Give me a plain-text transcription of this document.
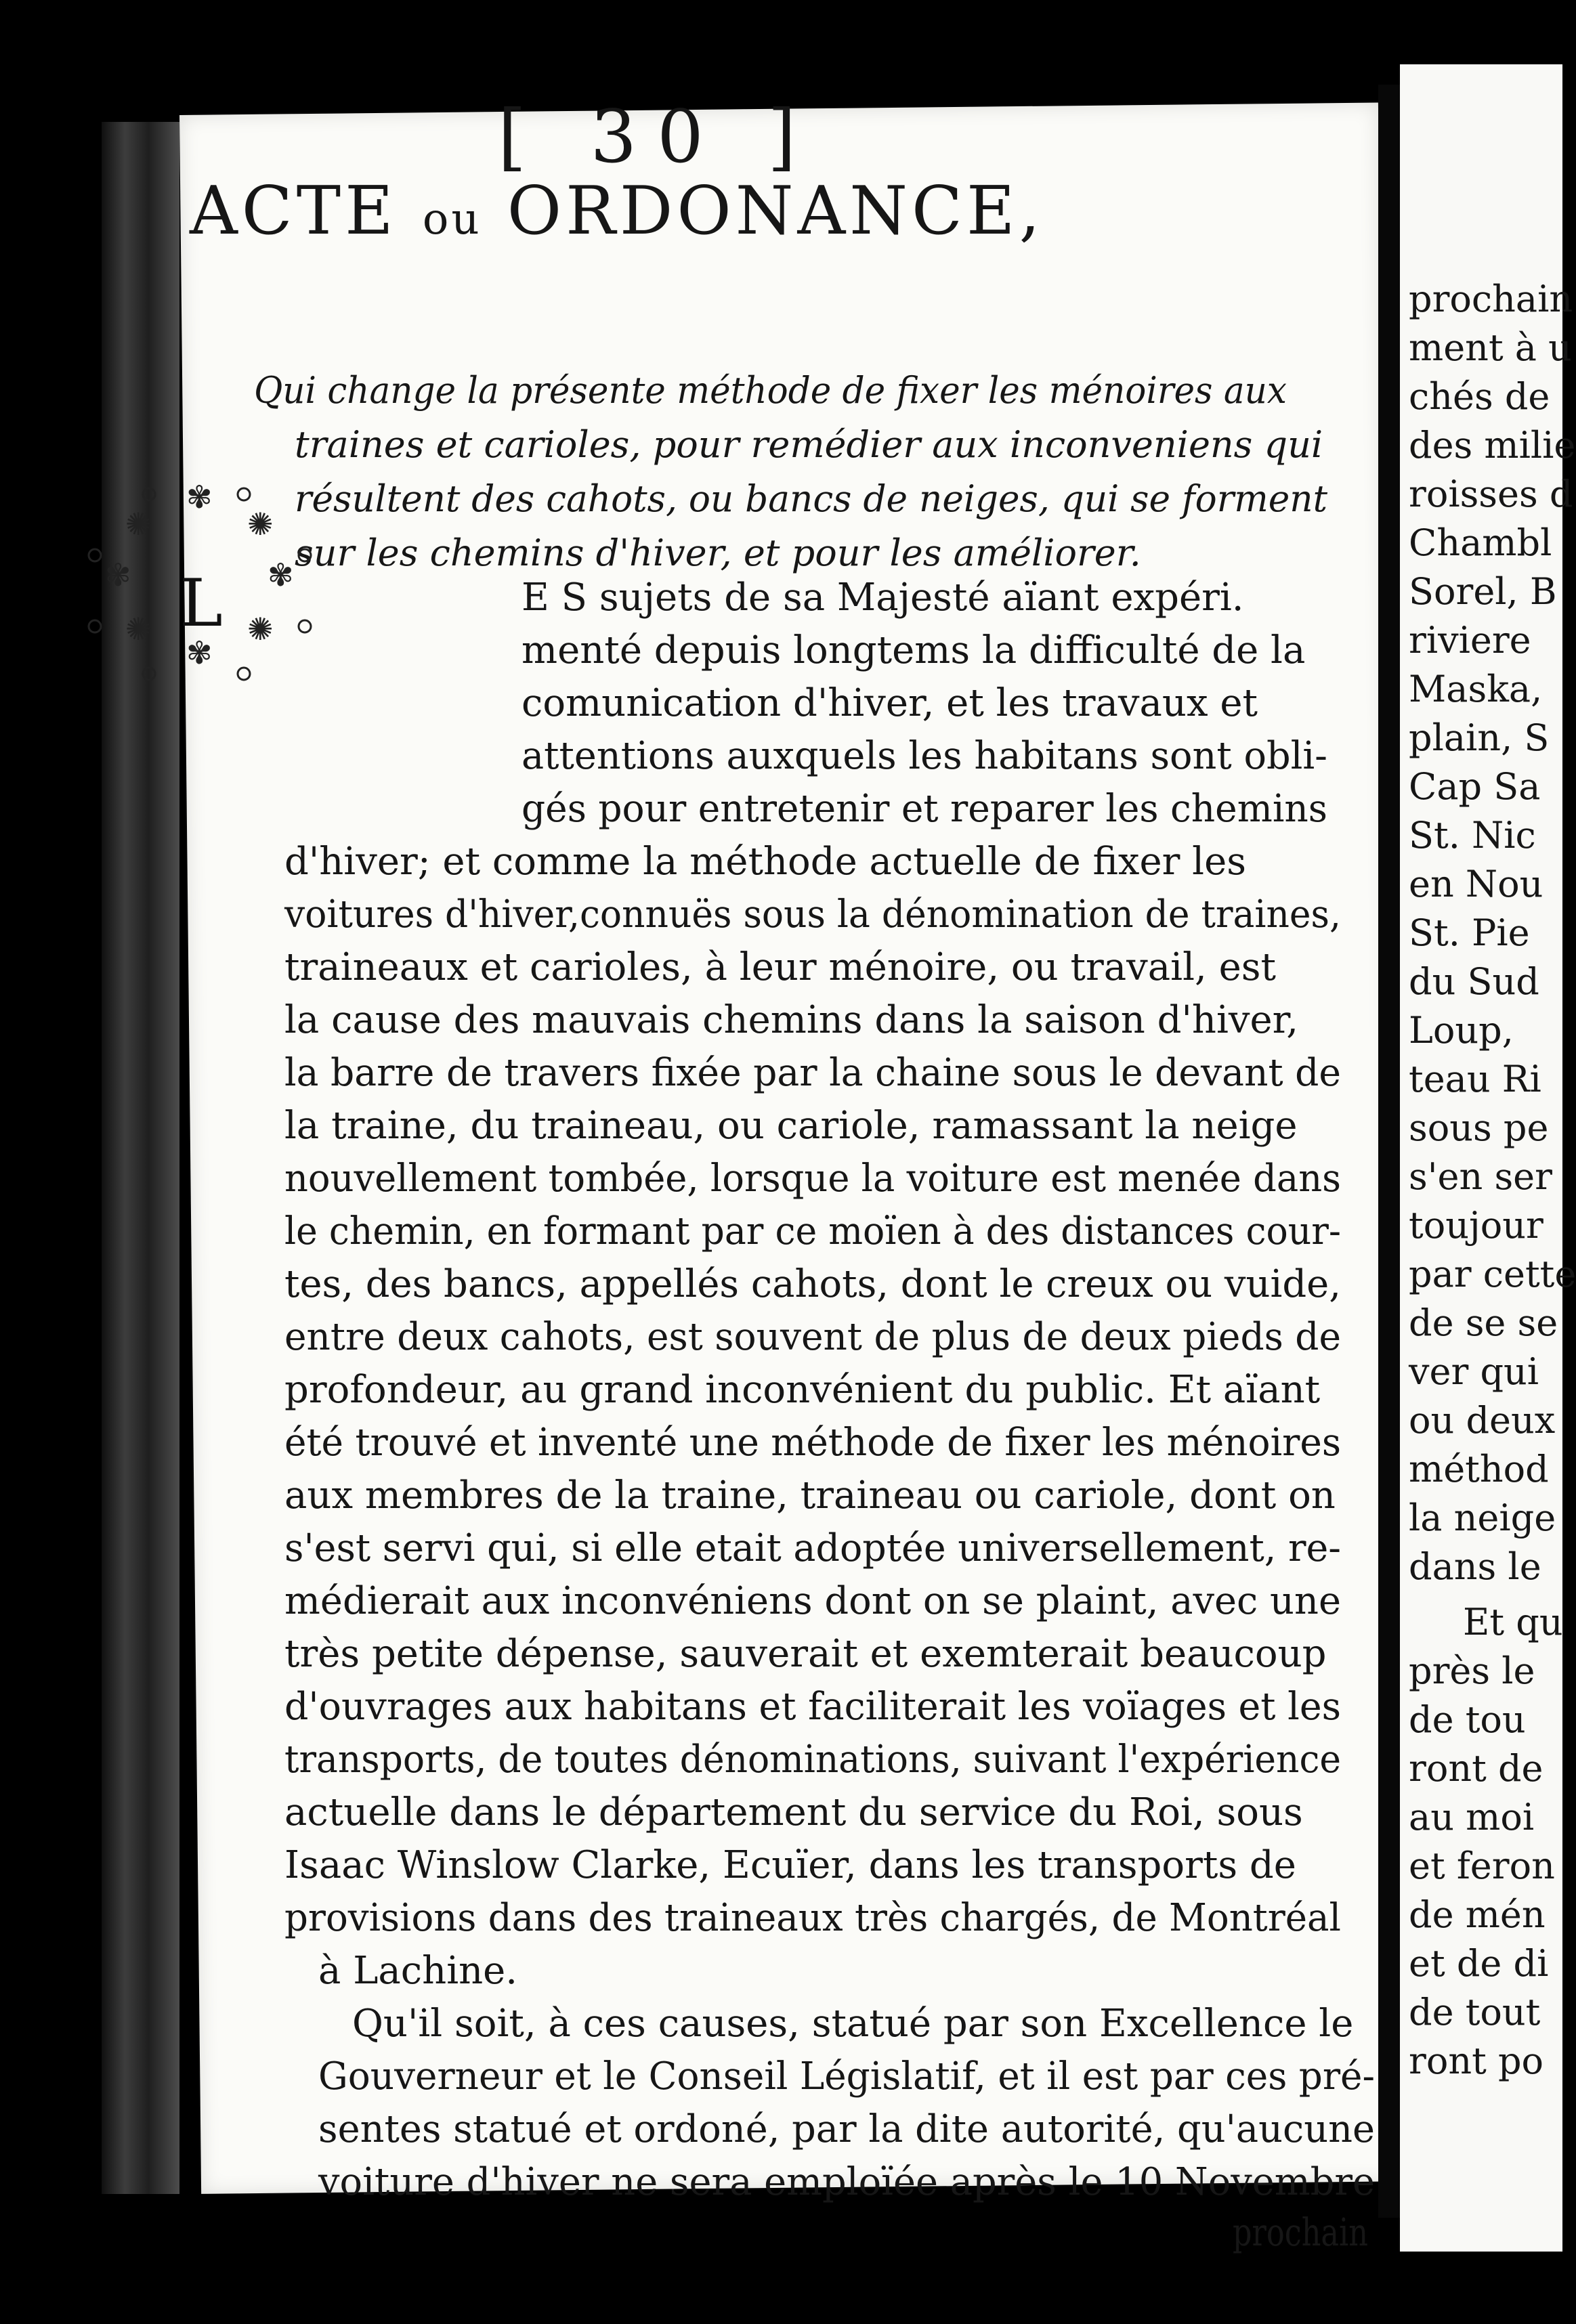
[ 30 ]
ACTE ou ORDONANCE,
Qui change la présente méthode de fixer les ménoires aux
traines et carioles, pour remédier aux inconveniens qui
résultent des cahots, ou bancs de neiges, qui se forment
sur les chemins d'hiver, et pour les améliorer.
E S sujets de sa Majesté aïant expéri.
menté depuis longtems la difficulté de la
comunication d'hiver, et les travaux et
attentions auxquels les habitans sont obli-
gés pour entretenir et reparer les chemins
d'hiver; et comme la méthode actuelle de fixer les
voitures d'hiver,connuës sous la dénomination de traines,
traineaux et carioles, à leur ménoire, ou travail, est
la cause des mauvais chemins dans la saison d'hiver,
la barre de travers fixée par la chaine sous le devant de
la traine, du traineau, ou cariole, ramassant la neige
nouvellement tombée, lorsque la voiture est menée dans
le chemin, en formant par ce moïen à des distances cour-
tes, des bancs, appellés cahots, dont le creux ou vuide,
entre deux cahots, est souvent de plus de deux pieds de
profondeur, au grand inconvénient du public. Et aïant
été trouvé et inventé une méthode de fixer les ménoires
aux membres de la traine, traineau ou cariole, dont on
s'est servi qui, si elle etait adoptée universellement, re-
médierait aux inconvéniens dont on se plaint, avec une
très petite dépense, sauverait et exemterait beaucoup
d'ouvrages aux habitans et faciliterait les voïages et les
transports, de toutes dénominations, suivant l'expérience
actuelle dans le département du service du Roi, sous
Isaac Winslow Clarke, Ecuïer, dans les transports de
provisions dans des traineaux très chargés, de Montréal
à Lachine.
Qu'il soit, à ces causes, statué par son Excellence le
Gouverneur et le Conseil Législatif, et il est par ces pré-
sentes statué et ordoné, par la dite autorité, qu'aucune
voiture d'hiver ne sera emploïée après le 10 Novembre
prochain
prochain
ment à u
chés de
des milie
roisses d
Chambl
Sorel, B
riviere
Maska,
plain, S
Cap Sa
St. Nic
en Nou
St. Pie
du Sud
Loup,
teau Ri
sous pe
s'en ser
toujour
par cette
de se se
ver qui
ou deux
méthod
la neige
dans le
Et qu
près le
de tou
ront de
au moi
et feron
de mén
et de di
de tout
ront po
✾
✾
✾	✾
✺	✺
✺	✺
L
